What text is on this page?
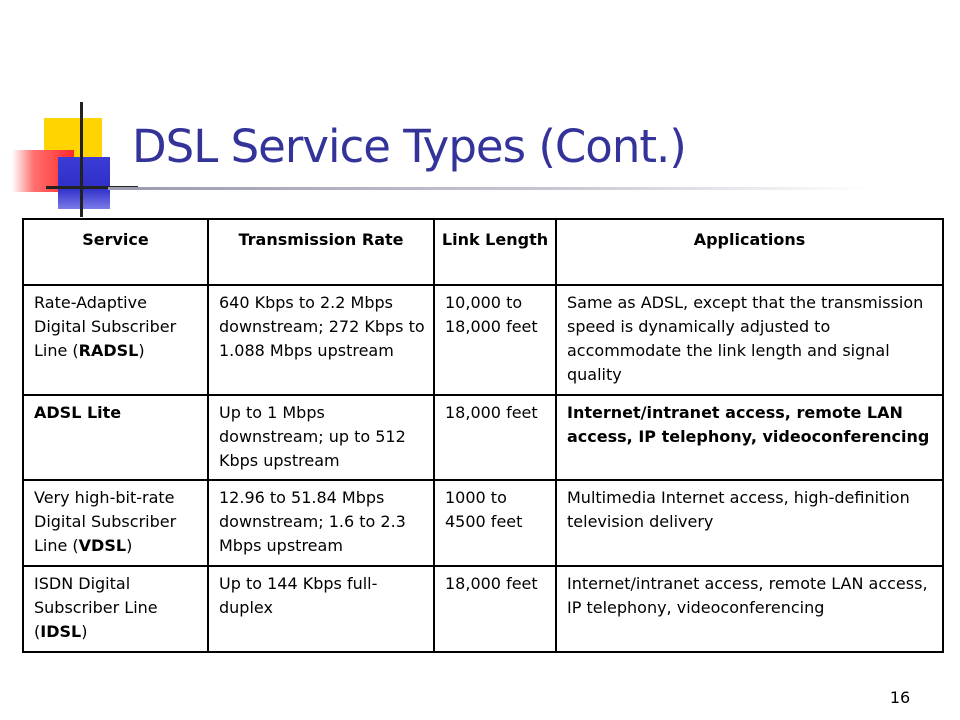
DSL Service Types (Cont.)
Service	Transmission Rate	Link Length	Applications
Rate-Adaptive Digital Subscriber Line (RADSL)	640 Kbps to 2.2 Mbps downstream; 272 Kbps to 1.088 Mbps upstream	10,000 to 18,000 feet	Same as ADSL, except that the transmission speed is dynamically adjusted to accommodate the link length and signal quality
ADSL Lite	Up to 1 Mbps downstream; up to 512 Kbps upstream	18,000 feet	Internet/intranet access, remote LAN access, IP telephony, videoconferencing
Very high-bit-rate Digital Subscriber Line (VDSL)	12.96 to 51.84 Mbps downstream; 1.6 to 2.3 Mbps upstream	1000 to 4500 feet	Multimedia Internet access, high-definition television delivery
ISDN Digital Subscriber Line (IDSL)	Up to 144 Kbps full-duplex	18,000 feet	Internet/intranet access, remote LAN access, IP telephony, videoconferencing
16
